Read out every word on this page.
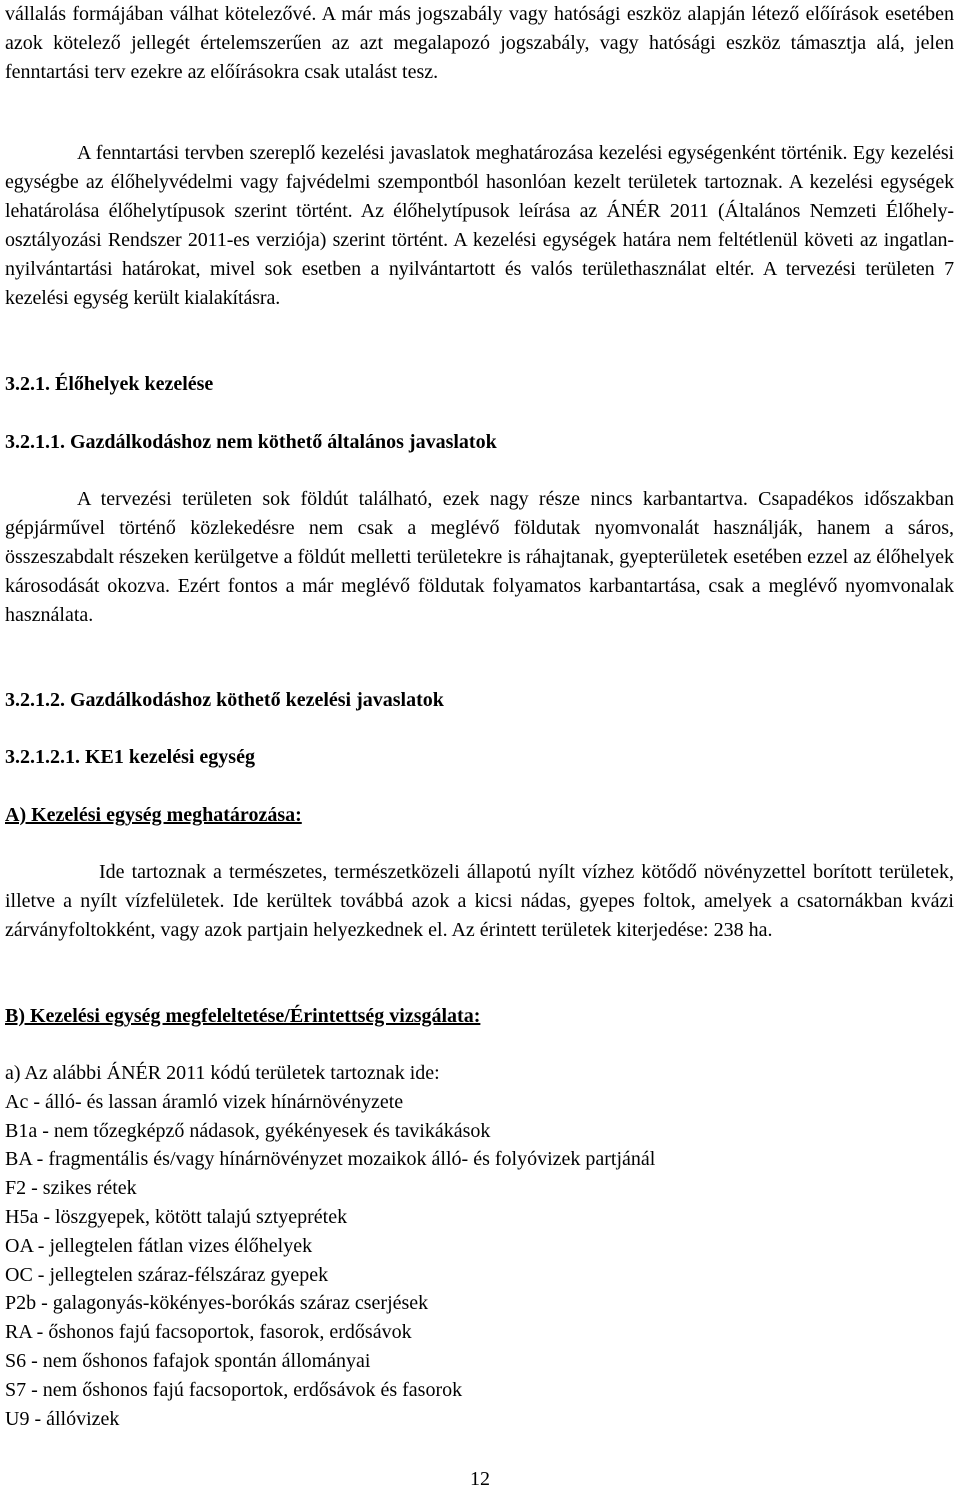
vállalás formájában válhat kötelezővé. A már más jogszabály vagy hatósági eszköz alapján létező előírások esetében azok kötelező jellegét értelemszerűen az azt megalapozó jogszabály, vagy hatósági eszköz támasztja alá, jelen fenntartási terv ezekre az előírásokra csak utalást tesz.

A fenntartási tervben szereplő kezelési javaslatok meghatározása kezelési egységenként történik. Egy kezelési egységbe az élőhelyvédelmi vagy fajvédelmi szempontból hasonlóan kezelt területek tartoznak. A kezelési egységek lehatárolása élőhelytípusok szerint történt. Az élőhelytípusok leírása az ÁNÉR 2011 (Általános Nemzeti Élőhely-osztályozási Rendszer 2011-es verziója) szerint történt. A kezelési egységek határa nem feltétlenül követi az ingatlan-nyilvántartási határokat, mivel sok esetben a nyilvántartott és valós területhasználat eltér. A tervezési területen 7 kezelési egység került kialakításra.

3.2.1. Élőhelyek kezelése
3.2.1.1. Gazdálkodáshoz nem köthető általános javaslatok

A tervezési területen sok földút található, ezek nagy része nincs karbantartva. Csapadékos időszakban gépjárművel történő közlekedésre nem csak a meglévő földutak nyomvonalát használják, hanem a sáros, összeszabdalt részeken kerülgetve a földút melletti területekre is ráhajtanak, gyepterületek esetében ezzel az élőhelyek károsodását okozva. Ezért fontos a már meglévő földutak folyamatos karbantartása, csak a meglévő nyomvonalak használata.

3.2.1.2. Gazdálkodáshoz köthető kezelési javaslatok
3.2.1.2.1. KE1 kezelési egység
A) Kezelési egység meghatározása:

Ide tartoznak a természetes, természetközeli állapotú nyílt vízhez kötődő növényzettel borított területek, illetve a nyílt vízfelületek. Ide kerültek továbbá azok a kicsi nádas, gyepes foltok, amelyek a csatornákban kvázi zárványfoltokként, vagy azok partjain helyezkednek el. Az érintett területek kiterjedése: 238 ha.

B) Kezelési egység megfeleltetése/Érintettség vizsgálata:
a) Az alábbi ÁNÉR 2011 kódú területek tartoznak ide:
Ac - álló- és lassan áramló vizek hínárnövényzete
B1a - nem tőzegképző nádasok, gyékényesek és tavikákások
BA - fragmentális és/vagy hínárnövényzet mozaikok álló- és folyóvizek partjánál
F2 - szikes rétek
H5a - löszgyepek, kötött talajú sztyeprétek
OA - jellegtelen fátlan vizes élőhelyek
OC - jellegtelen száraz-félszáraz gyepek
P2b - galagonyás-kökényes-borókás száraz cserjések
RA - őshonos fajú facsoportok, fasorok, erdősávok
S6 - nem őshonos fafajok spontán állományai
S7 - nem őshonos fajú facsoportok, erdősávok és fasorok
U9 - állóvizek
12
